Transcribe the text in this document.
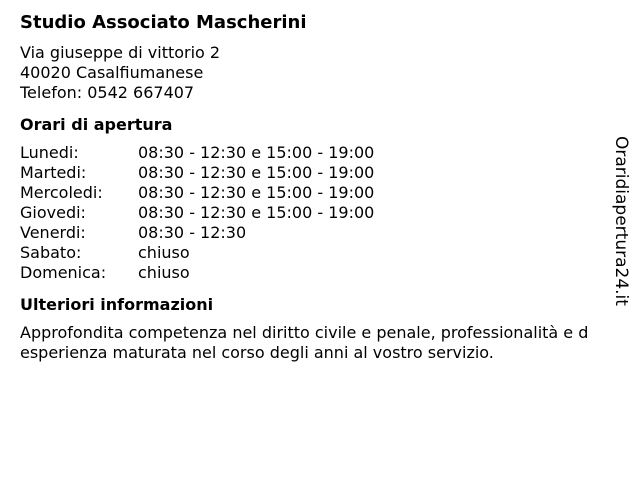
Studio Associato Mascherini
Via giuseppe di vittorio 2
40020 Casalfiumanese
Telefon: 0542 667407
Orari di apertura
Lunedi:	08:30 - 12:30 e 15:00 - 19:00
Martedi:	08:30 - 12:30 e 15:00 - 19:00
Mercoledi:	08:30 - 12:30 e 15:00 - 19:00
Giovedi:	08:30 - 12:30 e 15:00 - 19:00
Venerdi:	08:30 - 12:30
Sabato:	chiuso
Domenica:	chiuso
Ulteriori informazioni
Approfondita competenza nel diritto civile e penale, professionalità e d esperienza maturata nel corso degli anni al vostro servizio.
Oraridiapertura24.it
